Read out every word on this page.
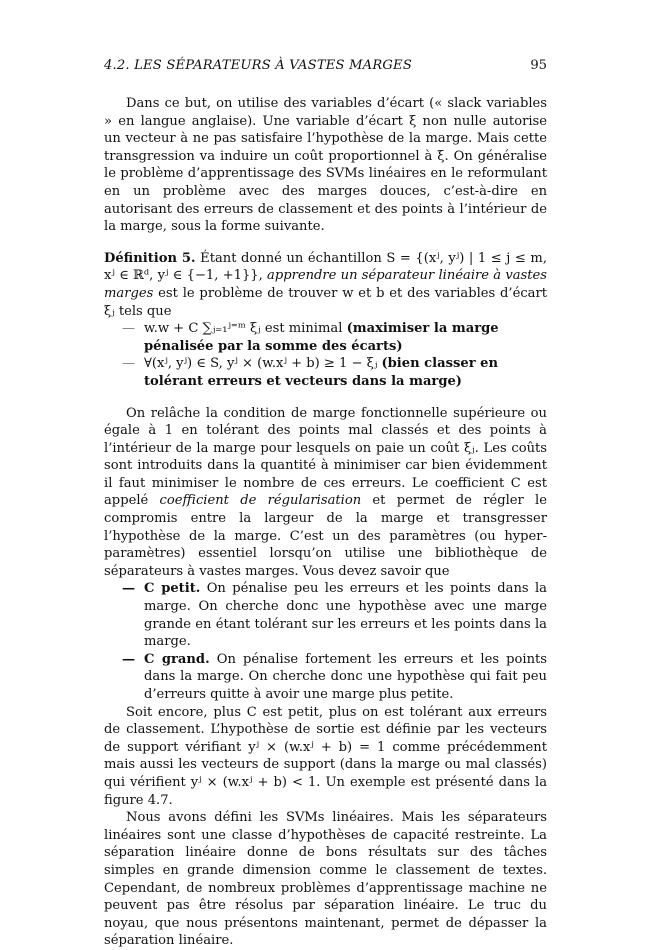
4.2. LES SÉPARATEURS À VASTES MARGES	95

Dans ce but, on utilise des variables d’écart (« slack variables » en langue anglaise). Une variable d’écart ξ non nulle autorise un vecteur à ne pas satisfaire l’hypothèse de la marge. Mais cette transgression va induire un coût proportionnel à ξ. On généralise le problème d’apprentissage des SVMs linéaires en le reformulant en un problème avec des marges douces, c’est-à-dire en autorisant des erreurs de classement et des points à l’intérieur de la marge, sous la forme suivante.

Définition 5. Étant donné un échantillon S = {(xʲ, yʲ) | 1 ≤ j ≤ m, xʲ ∈ ℝᵈ, yʲ ∈ {−1, +1}}, apprendre un séparateur linéaire à vastes marges est le problème de trouver w et b et des variables d’écart ξⱼ tels que

— w.w + C ∑ⱼ₌₁ʲ⁼ᵐ ξⱼ est minimal (maximiser la marge pénalisée par la somme des écarts)
— ∀(xʲ, yʲ) ∈ S, yʲ × (w.xʲ + b) ≥ 1 − ξⱼ (bien classer en tolérant erreurs et vecteurs dans la marge)

On relâche la condition de marge fonctionnelle supérieure ou égale à 1 en tolérant des points mal classés et des points à l’intérieur de la marge pour lesquels on paie un coût ξⱼ. Les coûts sont introduits dans la quantité à minimiser car bien évidemment il faut minimiser le nombre de ces erreurs. Le coefficient C est appelé coefficient de régularisation et permet de régler le compromis entre la largeur de la marge et transgresser l’hypothèse de la marge. C’est un des paramètres (ou hyper-paramètres) essentiel lorsqu’on utilise une bibliothèque de séparateurs à vastes marges. Vous devez savoir que

— C petit. On pénalise peu les erreurs et les points dans la marge. On cherche donc une hypothèse avec une marge grande en étant tolérant sur les erreurs et les points dans la marge.
— C grand. On pénalise fortement les erreurs et les points dans la marge. On cherche donc une hypothèse qui fait peu d’erreurs quitte à avoir une marge plus petite.

Soit encore, plus C est petit, plus on est tolérant aux erreurs de classement. L’hypothèse de sortie est définie par les vecteurs de support vérifiant yʲ × (w.xʲ + b) = 1 comme précédemment mais aussi les vecteurs de support (dans la marge ou mal classés) qui vérifient yʲ × (w.xʲ + b) < 1. Un exemple est présenté dans la figure 4.7.

Nous avons défini les SVMs linéaires. Mais les séparateurs linéaires sont une classe d’hypothèses de capacité restreinte. La séparation linéaire donne de bons résultats sur des tâches simples en grande dimension comme le classement de textes. Cependant, de nombreux problèmes d’apprentissage machine ne peuvent pas être résolus par séparation linéaire. Le truc du noyau, que nous présentons maintenant, permet de dépasser la séparation linéaire.
